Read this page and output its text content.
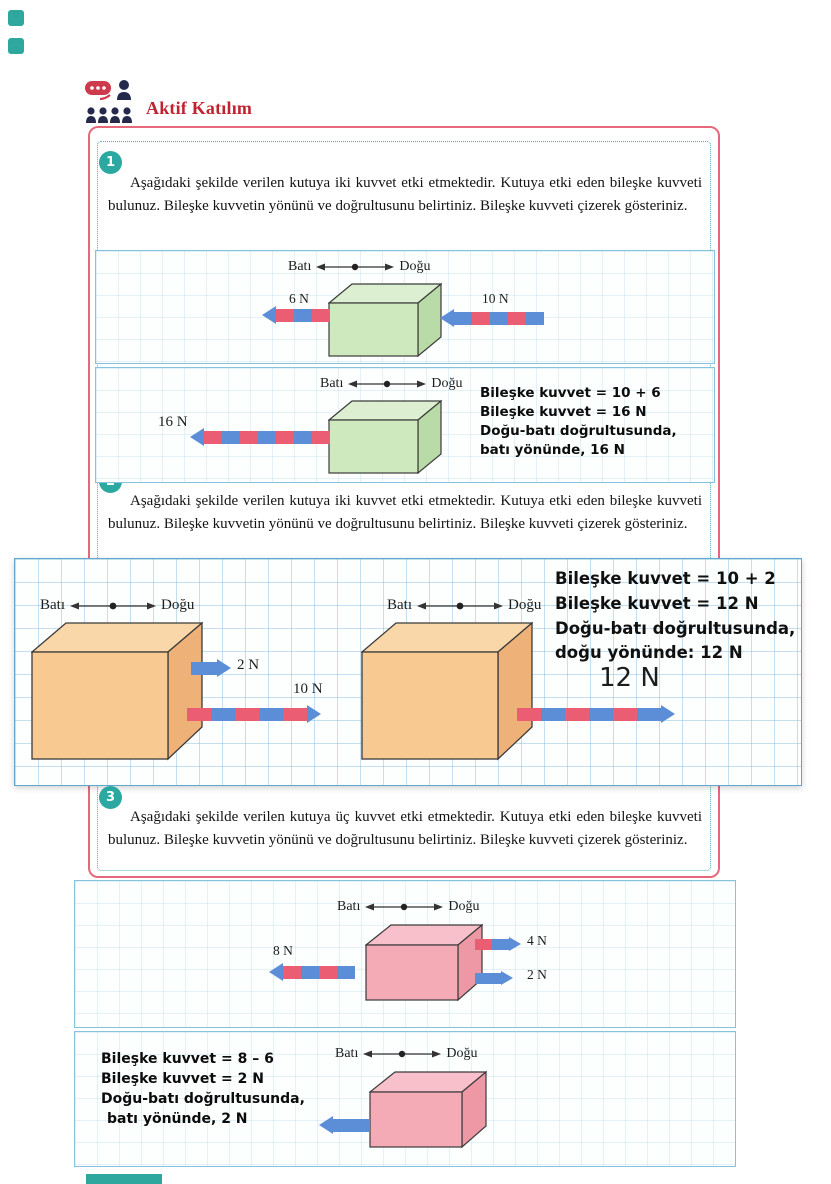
Aktif Katılım
1

Aşağıdaki şekilde verilen kutuya iki kuvvet etki etmektedir. Kutuya etki eden bileşke kuvveti bulunuz. Bileşke kuvvetin yönünü ve doğrultusunu belirtiniz. Bileşke kuvveti çizerek gösteriniz.

Batı	Doğu
6 N	10 N
Batı	Doğu
16 N
Bileşke kuvvet = 10 + 6
Bileşke kuvvet = 16 N
Doğu-batı doğrultusunda,
batı yönünde, 16 N

Aşağıdaki şekilde verilen kutuya iki kuvvet etki etmektedir. Kutuya etki eden bileşke kuvveti bulunuz. Bileşke kuvvetin yönünü ve doğrultusunu belirtiniz. Bileşke kuvveti çizerek gösteriniz.

Bileşke kuvvet = 10 + 2
Bileşke kuvvet = 12 N
Doğu-batı doğrultusunda,
doğu yönünde: 12 N
Batı	Doğu
2 N
10 N
Batı	Doğu
12 N
3

Aşağıdaki şekilde verilen kutuya üç kuvvet etki etmektedir. Kutuya etki eden bileşke kuvveti bulunuz. Bileşke kuvvetin yönünü ve doğrultusunu belirtiniz. Bileşke kuvveti çizerek gösteriniz.

Batı	Doğu
8 N
4 N
2 N
Bileşke kuvvet = 8 – 6
Bileşke kuvvet = 2 N
Doğu-batı doğrultusunda,
batı yönünde, 2 N
Batı	Doğu
